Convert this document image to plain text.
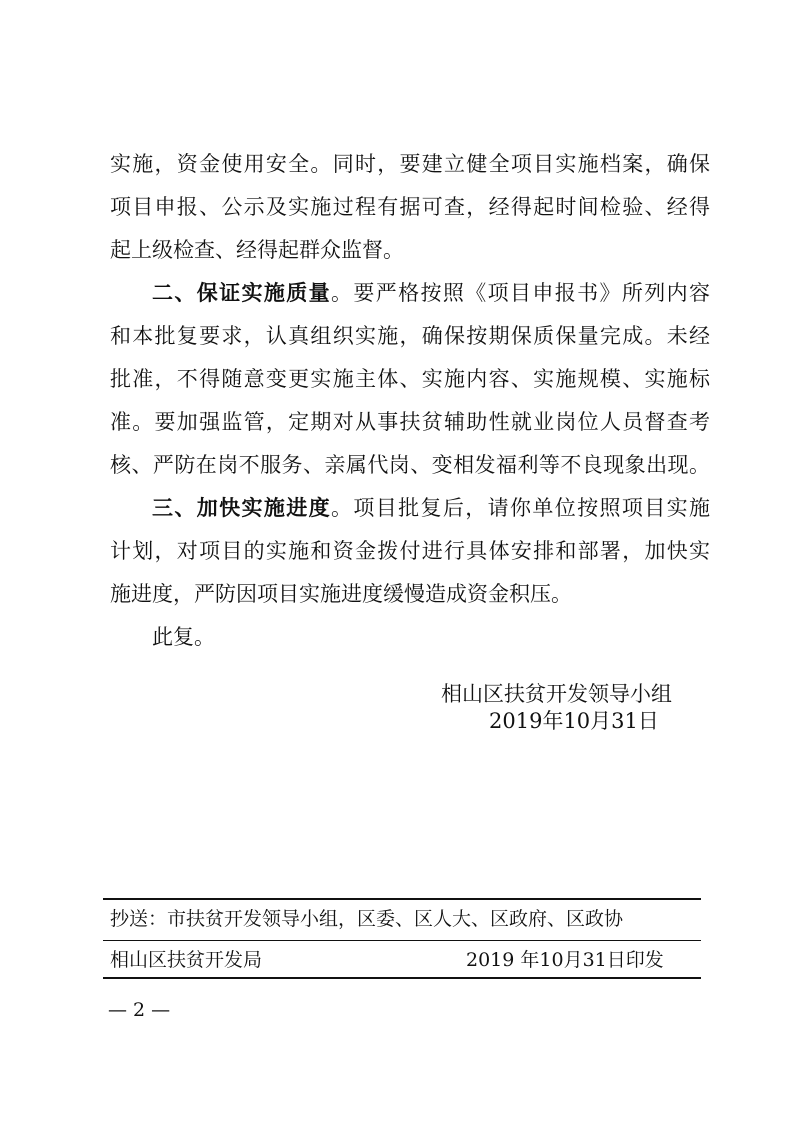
实施，资金使用安全。同时，要建立健全项目实施档案，确保
项目申报、公示及实施过程有据可查，经得起时间检验、经得
起上级检查、经得起群众监督。
二、保证实施质量。要严格按照《项目申报书》所列内容
和本批复要求，认真组织实施，确保按期保质保量完成。未经
批准，不得随意变更实施主体、实施内容、实施规模、实施标
准。要加强监管，定期对从事扶贫辅助性就业岗位人员督查考
核、严防在岗不服务、亲属代岗、变相发福利等不良现象出现。
三、加快实施进度。项目批复后，请你单位按照项目实施
计划，对项目的实施和资金拨付进行具体安排和部署，加快实
施进度，严防因项目实施进度缓慢造成资金积压。
此复。
相山区扶贫开发领导小组
2019年10月31日
抄送：市扶贫开发领导小组，区委、区人大、区政府、区政协
相山区扶贫开发局	2019 年10月31日印发
— 2 —
